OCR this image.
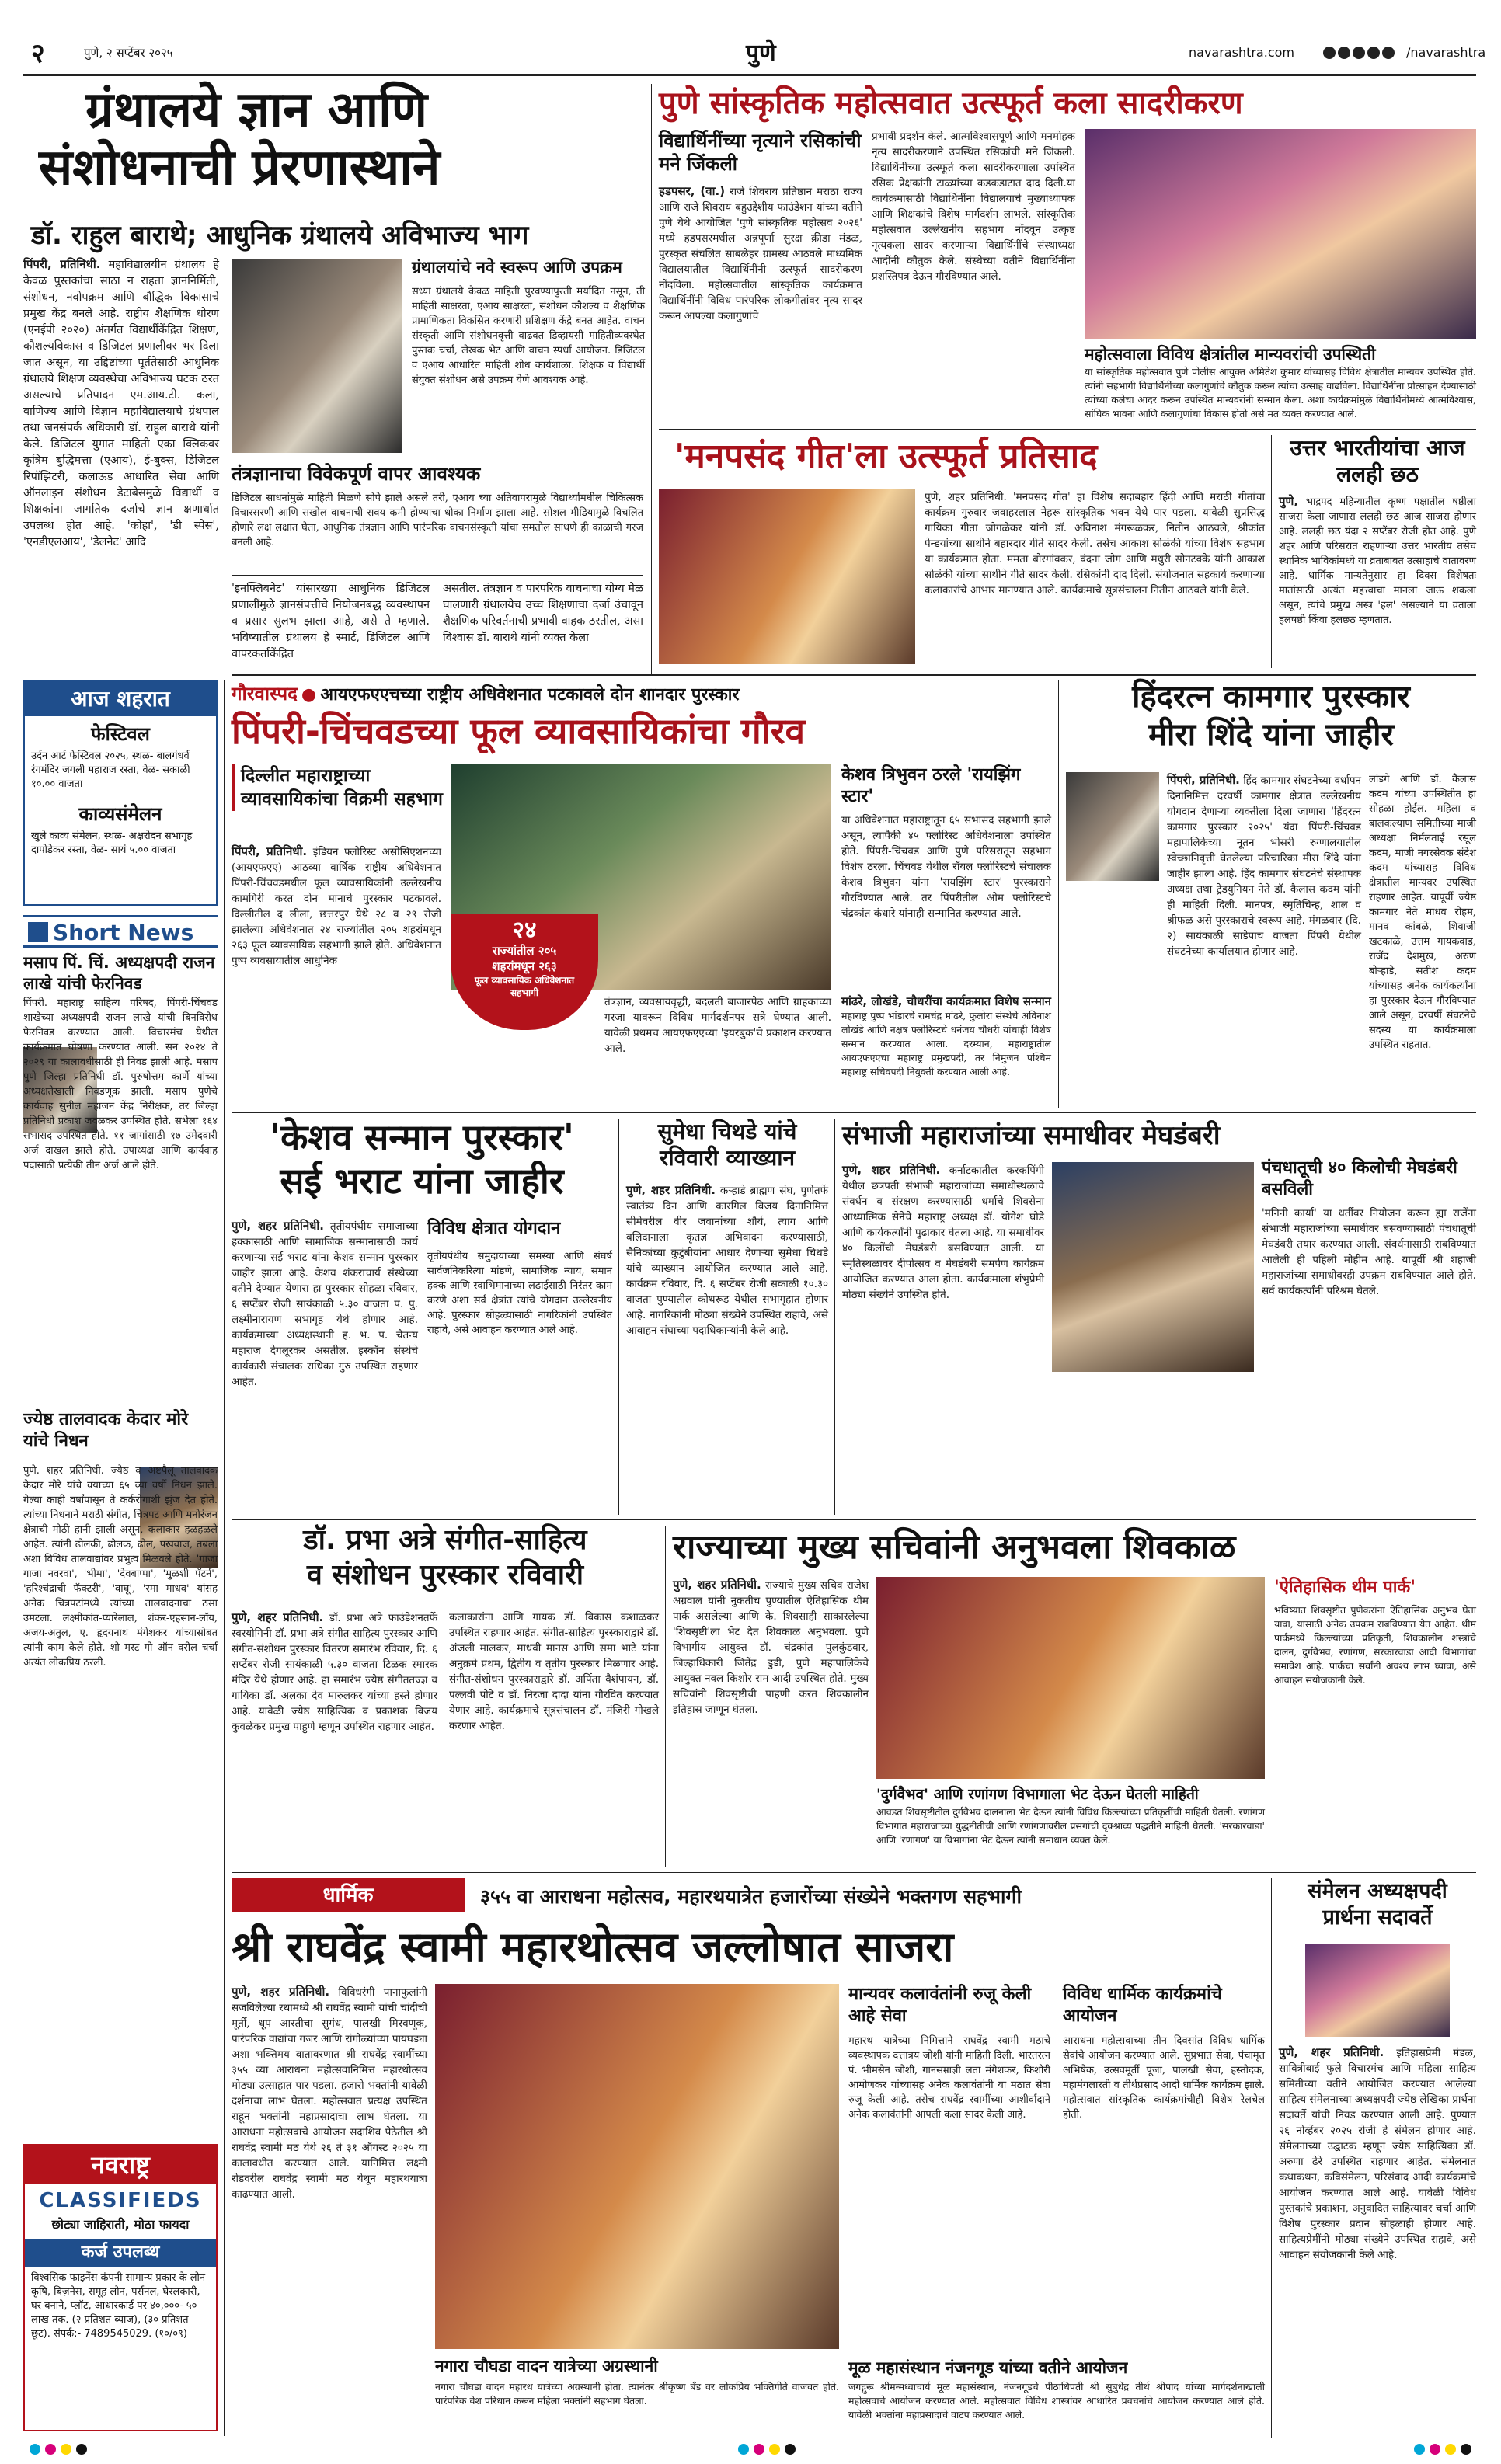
२	पुणे, २ सप्टेंबर २०२५	पुणे	navarashtra.com	/navarashtra
ग्रंथालये ज्ञान आणि
संशोधनाची प्रेरणास्थाने
डॉ. राहुल बाराथे; आधुनिक ग्रंथालये अविभाज्य भाग
पिंपरी, प्रतिनिधी. महाविद्यालयीन ग्रंथालय हे केवळ पुस्तकांचा साठा न राहता ज्ञाननिर्मिती, संशोधन, नवोपक्रम आणि बौद्धिक विकासाचे प्रमुख केंद्र बनले आहे. राष्ट्रीय शैक्षणिक धोरण (एनईपी २०२०) अंतर्गत विद्यार्थीकेंद्रित शिक्षण, कौशल्यविकास व डिजिटल प्रणालीवर भर दिला जात असून, या उद्दिष्टांच्या पूर्ततेसाठी आधुनिक ग्रंथालये शिक्षण व्यवस्थेचा अविभाज्य घटक ठरत असल्याचे प्रतिपादन एम.आय.टी. कला, वाणिज्य आणि विज्ञान महाविद्यालयाचे ग्रंथपाल तथा जनसंपर्क अधिकारी डॉ. राहुल बाराथे यांनी केले. डिजिटल युगात माहिती एका क्लिकवर कृत्रिम बुद्धिमत्ता (एआय), ई-बुक्स, डिजिटल रिपॉझिटरी, कलाऊड आधारित सेवा आणि ऑनलाइन संशोधन डेटाबेसमुळे विद्यार्थी व शिक्षकांना जागतिक दर्जाचे ज्ञान क्षणार्धात उपलब्ध होत आहे. 'कोहा', 'डी स्पेस', 'एनडीएलआय', 'डेलनेट' आदि
ग्रंथालयांचे नवे स्वरूप आणि उपक्रम
सध्या ग्रंथालये केवळ माहिती पुरवण्यापुरती मर्यादित नसून, ती माहिती साक्षरता, एआय साक्षरता, संशोधन कौशल्य व शैक्षणिक प्रामाणिकता विकसित करणारी प्रशिक्षण केंद्रे बनत आहेत. वाचन संस्कृती आणि संशोधनवृत्ती वाढवत डिव्हायसी माहितीव्यवस्थेत पुस्तक चर्चा, लेखक भेट आणि वाचन स्पर्धा आयोजन. डिजिटल व एआय आधारित माहिती शोध कार्यशाळा. शिक्षक व विद्यार्थी संयुक्त संशोधन असे उपक्रम येणे आवश्यक आहे.
तंत्रज्ञानाचा विवेकपूर्ण वापर आवश्यक
डिजिटल साधनांमुळे माहिती मिळणे सोपे झाले असले तरी, एआय च्या अतिवापरामुळे विद्यार्थ्यांमधील चिकित्सक विचारसरणी आणि सखोल वाचनाची सवय कमी होण्याचा धोका निर्माण झाला आहे. सोशल मीडियामुळे विचलित होणारे लक्ष लक्षात घेता, आधुनिक तंत्रज्ञान आणि पारंपरिक वाचनसंस्कृती यांचा समतोल साधणे ही काळाची गरज बनली आहे.
'इनफ्लिबनेट' यांसारख्या आधुनिक डिजिटल प्रणालींमुळे ज्ञानसंपत्तीचे नियोजनबद्ध व्यवस्थापन व प्रसार सुलभ झाला आहे, असे ते म्हणाले. भविष्यातील ग्रंथालय हे स्मार्ट, डिजिटल आणि वापरकर्ताकेंद्रित
असतील. तंत्रज्ञान व पारंपरिक वाचनाचा योग्य मेळ घालणारी ग्रंथालयेच उच्च शिक्षणाचा दर्जा उंचावून शैक्षणिक परिवर्तनाची प्रभावी वाहक ठरतील, असा विश्वास डॉ. बाराथे यांनी व्यक्त केला
आज शहरात
फेस्टिवल
उर्दन आर्ट फेस्टिवल २०२५, स्थळ- बालगंधर्व रंगमंदिर जगली महाराज रस्ता, वेळ- सकाळी १०.०० वाजता
काव्यसंमेलन
खुले काव्य संमेलन, स्थळ- अक्षरोदन सभागृह दापोडेकर रस्ता, वेळ- सायं ५.०० वाजता
Short News
मसाप पिं. चिं. अध्यक्षपदी राजन लाखे यांची फेरनिवड
पिंपरी. महाराष्ट्र साहित्य परिषद, पिंपरी-चिंचवड शाखेच्या अध्यक्षपदी राजन लाखे यांची बिनविरोध फेरनिवड करण्यात आली. विचारमंच येथील कार्यक्रमात घोषणा करण्यात आली. सन २०२४ ते २०२९ या कालावधीसाठी ही निवड झाली आहे. मसाप पुणे जिल्हा प्रतिनिधी डॉ. पुरुषोत्तम कार्णे यांच्या अध्यक्षतेखाली निवडणूक झाली. मसाप पुणेचे कार्यवाह सुनील महाजन केंद्र निरीक्षक, तर जिल्हा प्रतिनिधी प्रकाश जवळकर उपस्थित होते. सभेला १६४ सभासद उपस्थित होते. ११ जागांसाठी १७ उमेदवारी अर्ज दाखल झाले होते. उपाध्यक्ष आणि कार्यवाह पदासाठी प्रत्येकी तीन अर्ज आले होते.
ज्येष्ठ तालवादक केदार मोरे यांचे निधन
पुणे. शहर प्रतिनिधी. ज्येष्ठ व अष्टपैलू तालवादक केदार मोरे यांचे वयाच्या ६५ व्या वर्षी निधन झाले. गेल्या काही वर्षांपासून ते कर्करोगाशी झुंज देत होते. त्यांच्या निधनाने मराठी संगीत, चित्रपट आणि मनोरंजन क्षेत्राची मोठी हानी झाली असून, कलाकार हळहळले आहेत. त्यांनी ढोलकी, ढोलक, ढोल, पखवाज, तबला अशा विविध तालवाद्यांवर प्रभुत्व मिळवले होते. 'गाजा गाजा नवरवा', 'भीमा', 'देवबाप्पा', 'मुळशी पॅटर्न', 'हरिश्चंद्राची फॅक्टरी', 'वाघू', 'रमा माधव' यांसह अनेक चित्रपटांमध्ये त्यांच्या तालवादनाचा ठसा उमटला. लक्ष्मीकांत-प्यारेलाल, शंकर-एहसान-लॉय, अजय-अतुल, ए. हृदयनाथ मंगेशकर यांच्यासोबत त्यांनी काम केले होते. शो मस्ट गो ऑन वरील चर्चा अत्यंत लोकप्रिय ठरली.
नवराष्ट्र
CLASSIFIEDS
छोट्या जाहिराती, मोठा फायदा
कर्ज उपलब्ध
विश्वसिक फाइनेंस कंपनी सामान्य प्रकार के लोन कृषि, बिज़नेस, समूह लोन, पर्सनल, घेरलकारी, घर बनाने, प्लॉट, आधारकार्ड पर ४०,०००- ५० लाख तक. (२ प्रतिशत ब्याज), (३० प्रतिशत छूट). संपर्क:- 7489545029. (१०/०९)
पुणे सांस्कृतिक महोत्सवात उत्स्फूर्त कला सादरीकरण
विद्यार्थिनींच्या नृत्याने रसिकांची मने जिंकली
हडपसर, (वा.) राजे शिवराय प्रतिष्ठान मराठा राज्य आणि राजे शिवराय बहुउद्देशीय फाउंडेशन यांच्या वतीने पुणे येथे आयोजित 'पुणे सांस्कृतिक महोत्सव २०२६' मध्ये हडपसरमधील अन्नपूर्णा सुरक्ष क्रीडा मंडळ, पुरस्कृत संचलित साबळेहर ग्रामस्थ आठवले माध्यमिक विद्यालयातील विद्यार्थिनींनी उत्स्फूर्त सादरीकरण नोंदविला. महोत्सवातील सांस्कृतिक कार्यक्रमात विद्यार्थिनींनी विविध पारंपरिक लोकगीतांवर नृत्य सादर करून आपल्या कलागुणांचे
प्रभावी प्रदर्शन केले. आत्मविश्वासपूर्ण आणि मनमोहक नृत्य सादरीकरणाने उपस्थित रसिकांची मने जिंकली. विद्यार्थिनींच्या उत्स्फूर्त कला सादरीकरणाला उपस्थित रसिक प्रेक्षकांनी टाळ्यांच्या कडकडाटात दाद दिली.या कार्यक्रमासाठी विद्यार्थिनींना विद्यालयाचे मुख्याध्यापक आणि शिक्षकांचे विशेष मार्गदर्शन लाभले. सांस्कृतिक महोत्सवात उल्लेखनीय सहभाग नोंदवून उत्कृष्ट नृत्यकला सादर करणाऱ्या विद्यार्थिनींचे संस्थाध्यक्ष आदींनी कौतुक केले. संस्थेच्या वतीने विद्यार्थिनींना प्रशस्तिपत्र देऊन गौरविण्यात आले.
महोत्सवाला विविध क्षेत्रांतील मान्यवरांची उपस्थिती
या सांस्कृतिक महोत्सवात पुणे पोलीस आयुक्त अमितेश कुमार यांच्यासह विविध क्षेत्रातील मान्यवर उपस्थित होते. त्यांनी सहभागी विद्यार्थिनींच्या कलागुणांचे कौतुक करून त्यांचा उत्साह वाढविला. विद्यार्थिनींना प्रोत्साहन देण्यासाठी त्यांच्या कलेचा आदर करून उपस्थित मान्यवरांनी सन्मान केला. अशा कार्यक्रमांमुळे विद्यार्थिनींमध्ये आत्मविश्वास, सांघिक भावना आणि कलागुणांचा विकास होतो असे मत व्यक्त करण्यात आले.
'मनपसंद गीत'ला उत्स्फूर्त प्रतिसाद
पुणे, शहर प्रतिनिधी. 'मनपसंद गीत' हा विशेष सदाबहार हिंदी आणि मराठी गीतांचा कार्यक्रम गुरुवार जवाहरलाल नेहरू सांस्कृतिक भवन येथे पार पडला. यावेळी सुप्रसिद्ध गायिका गीता जोगळेकर यांनी डॉ. अविनाश मंगरूळकर, नितीन आठवले, श्रीकांत पेन्डयांच्या साथीने बहारदार गीते सादर केली. तसेच आकाश सोळंकी यांच्या विशेष सहभाग या कार्यक्रमात होता. ममता बोरगांवकर, वंदना जोग आणि मधुरी सोनटक्के यांनी आकाश सोळंकी यांच्या साथीने गीते सादर केली. रसिकांनी दाद दिली. संयोजनात सहकार्य करणाऱ्या कलाकारांचे आभार मानण्यात आले. कार्यक्रमाचे सूत्रसंचालन नितीन आठवले यांनी केले.
उत्तर भारतीयांचा आज ललही छठ
पुणे, भाद्रपद महिन्यातील कृष्ण पक्षातील षष्ठीला साजरा केला जाणारा ललही छठ आज साजरा होणार आहे. ललही छठ यंदा २ सप्टेंबर रोजी होत आहे. पुणे शहर आणि परिसरात राहणाऱ्या उत्तर भारतीय तसेच स्थानिक भाविकांमध्ये या व्रताबाबत उत्साहाचे वातावरण आहे. धार्मिक मान्यतेनुसार हा दिवस विशेषतः मातांसाठी अत्यंत महत्त्वाचा मानला जाऊ शकला असून, त्यांचे प्रमुख अस्त्र 'हल' असल्याने या व्रताला हलषष्ठी किंवा हलछठ म्हणतात.
गौरवास्पद ● आयएफएएचच्या राष्ट्रीय अधिवेशनात पटकावले दोन शानदार पुरस्कार
पिंपरी-चिंचवडच्या फूल व्यावसायिकांचा गौरव
दिल्लीत महाराष्ट्राच्या व्यावसायिकांचा विक्रमी सहभाग
पिंपरी, प्रतिनिधी. इंडियन फ्लोरिस्ट असोसिएशनच्या (आयएफएए) आठव्या वार्षिक राष्ट्रीय अधिवेशनात पिंपरी-चिंचवडमधील फूल व्यावसायिकांनी उल्लेखनीय कामगिरी करत दोन मानाचे पुरस्कार पटकावले. दिल्लीतील द लीला, छत्तरपुर येथे २८ व २९ रोजी झालेल्या अधिवेशनात २४ राज्यांतील २०५ शहरांमधून २६३ फूल व्यावसायिक सहभागी झाले होते. अधिवेशनात पुष्प व्यवसायातील आधुनिक
२४
राज्यांतील २०५
शहरांमधून २६३
फूल व्यावसायिक अधिवेशनात
सहभागी
तंत्रज्ञान, व्यवसायवृद्धी, बदलती बाजारपेठ आणि ग्राहकांच्या गरजा यावरून विविध मार्गदर्शनपर सत्रे घेण्यात आली. यावेळी प्रथमच आयएफएएच्या 'इयरबुक'चे प्रकाशन करण्यात आले.
केशव त्रिभुवन ठरले 'रायझिंग स्टार'
या अधिवेशनात महाराष्ट्रातून ६५ सभासद सहभागी झाले असून, त्यापैकी ४५ फ्लोरिस्ट अधिवेशनाला उपस्थित होते. पिंपरी-चिंचवड आणि पुणे परिसरातून सहभाग विशेष ठरला. चिंचवड येथील रॉयल फ्लोरिस्टचे संचालक केशव त्रिभुवन यांना 'रायझिंग स्टार' पुरस्काराने गौरविण्यात आले. तर पिंपरीतील ओम फ्लोरिस्टचे चंद्रकांत कंधारे यांनाही सन्मानित करण्यात आले.
मांढरे, लोखंडे, चौधरींचा कार्यक्रमात विशेष सन्मान महाराष्ट्र पुष्प भांडारचे रामचंद्र मांढरे, फुलोरा संस्थेचे अविनाश लोखंडे आणि नक्षत्र फ्लोरिस्टचे धनंजय चौधरी यांचाही विशेष सन्मान करण्यात आला. दरम्यान, महाराष्ट्रातील आयएफएएचा महाराष्ट्र प्रमुखपदी, तर निमुजन पश्चिम महाराष्ट्र सचिवपदी नियुक्ती करण्यात आली आहे.
हिंदरत्न कामगार पुरस्कार
मीरा शिंदे यांना जाहीर
पिंपरी, प्रतिनिधी. हिंद कामगार संघटनेच्या वर्धापन दिनानिमित्त दरवर्षी कामगार क्षेत्रात उल्लेखनीय योगदान देणाऱ्या व्यक्तीला दिला जाणारा 'हिंदरत्न कामगार पुरस्कार २०२५' यंदा पिंपरी-चिंचवड महापालिकेच्या नूतन भोसरी रुग्णालयातील स्वेच्छानिवृत्ती घेतलेल्या परिचारिका मीरा शिंदे यांना जाहीर झाला आहे. हिंद कामगार संघटनेचे संस्थापक अध्यक्ष तथा ट्रेडयुनियन नेते डॉ. कैलास कदम यांनी ही माहिती दिली. मानपत्र, स्मृतिचिन्ह, शाल व श्रीफळ असे पुरस्काराचे स्वरूप आहे. मंगळवार (दि. २) सायंकाळी साडेपाच वाजता पिंपरी येथील संघटनेच्या कार्यालयात होणार आहे.
लांडगे आणि डॉ. कैलास कदम यांच्या उपस्थितीत हा सोहळा होईल. महिला व बालकल्याण समितीच्या माजी अध्यक्षा निर्मलताई रसूल कदम, माजी नगरसेवक संदेश कदम यांच्यासह विविध क्षेत्रातील मान्यवर उपस्थित राहणार आहेत. यापूर्वी ज्येष्ठ कामगार नेते माधव रोहम, मानव कांबळे, शिवाजी खटकाळे, उत्तम गायकवाड, राजेंद्र देशमुख, अरुण बोऱ्हाडे, सतीश कदम यांच्यासह अनेक कार्यकर्त्यांना हा पुरस्कार देऊन गौरविण्यात आले असून, दरवर्षी संघटनेचे सदस्य या कार्यक्रमाला उपस्थित राहतात.
'केशव सन्मान पुरस्कार'
सई भराट यांना जाहीर
पुणे, शहर प्रतिनिधी. तृतीयपंथीय समाजाच्या हक्कासाठी आणि सामाजिक सन्मानासाठी कार्य करणाऱ्या सई भराट यांना केशव सन्मान पुरस्कार जाहीर झाला आहे. केशव शंकराचार्य संस्थेच्या वतीने देण्यात येणारा हा पुरस्कार सोहळा रविवार, ६ सप्टेंबर रोजी सायंकाळी ५.३० वाजता प. पु. लक्ष्मीनारायण सभागृह येथे होणार आहे. कार्यक्रमाच्या अध्यक्षस्थानी ह. भ. प. चैतन्य महाराज देगलूरकर असतील. इस्कॉन संस्थेचे कार्यकारी संचालक राधिका गुरु उपस्थित राहणार आहेत.
विविध क्षेत्रात योगदान
तृतीयपंथीय समुदायाच्या समस्या आणि संघर्ष सार्वजनिकरित्या मांडणे, सामाजिक न्याय, समान हक्क आणि स्वाभिमानाच्या लढाईसाठी निरंतर काम करणे अशा सर्व क्षेत्रांत त्यांचे योगदान उल्लेखनीय आहे. पुरस्कार सोहळ्यासाठी नागरिकांनी उपस्थित राहावे, असे आवाहन करण्यात आले आहे.
सुमेधा चिथडे यांचे
रविवारी व्याख्यान
पुणे, शहर प्रतिनिधी. कऱ्हाडे ब्राह्मण संघ, पुणेतर्फे स्वातंत्र्य दिन आणि कारगिल विजय दिनानिमित्त सीमेवरील वीर जवानांच्या शौर्य, त्याग आणि बलिदानाला कृतज्ञ अभिवादन करण्यासाठी, सैनिकांच्या कुटुंबीयांना आधार देणाऱ्या सुमेधा चिथडे यांचे व्याख्यान आयोजित करण्यात आले आहे. कार्यक्रम रविवार, दि. ६ सप्टेंबर रोजी सकाळी १०.३० वाजता पुण्यातील कोथरूड येथील सभागृहात होणार आहे. नागरिकांनी मोठ्या संख्येने उपस्थित राहावे, असे आवाहन संघाच्या पदाधिकाऱ्यांनी केले आहे.
संभाजी महाराजांच्या समाधीवर मेघडंबरी
पुणे, शहर प्रतिनिधी. कर्नाटकातील करकपिंगी येथील छत्रपती संभाजी महाराजांच्या समाधीस्थळाचे संवर्धन व संरक्षण करण्यासाठी धर्माचे शिवसेना आध्यात्मिक सेनेचे महाराष्ट्र अध्यक्ष डॉ. योगेश घोडे आणि कार्यकर्त्यांनी पुढाकार घेतला आहे. या समाधीवर ४० किलोंची मेघडंबरी बसविण्यात आली. या स्मृतिस्थळावर दीपोत्सव व मेघडंबरी समर्पण कार्यक्रम आयोजित करण्यात आला होता. कार्यक्रमाला शंभुप्रेमी मोठ्या संख्येने उपस्थित होते.
पंचधातूची ४० किलोची मेघडंबरी बसविली
'मनिनी कार्या' या धर्तीवर नियोजन करून ह्या राजेंना संभाजी महाराजांच्या समाधीवर बसवण्यासाठी पंचधातूची मेघडंबरी तयार करण्यात आली. संवर्धनासाठी राबविण्यात आलेली ही पहिली मोहीम आहे. यापूर्वी श्री शहाजी महाराजांच्या समाधीवरही उपक्रम राबविण्यात आले होते. सर्व कार्यकर्त्यांनी परिश्रम घेतले.
डॉ. प्रभा अत्रे संगीत-साहित्य
व संशोधन पुरस्कार रविवारी
पुणे, शहर प्रतिनिधी. डॉ. प्रभा अत्रे फाउंडेशनतर्फे स्वरयोगिनी डॉ. प्रभा अत्रे संगीत-साहित्य पुरस्कार आणि संगीत-संशोधन पुरस्कार वितरण समारंभ रविवार, दि. ६ सप्टेंबर रोजी सायंकाळी ५.३० वाजता टिळक स्मारक मंदिर येथे होणार आहे. हा समारंभ ज्येष्ठ संगीततज्ज्ञ व गायिका डॉ. अलका देव मारुलकर यांच्या हस्ते होणार आहे. यावेळी ज्येष्ठ साहित्यिक व प्रकाशक विजय कुवळेकर प्रमुख पाहुणे म्हणून उपस्थित राहणार आहेत.
कलाकारांना आणि गायक डॉ. विकास कशाळकर उपस्थित राहणार आहेत. संगीत-साहित्य पुरस्काराद्वारे डॉ. अंजली मालकर, माधवी मानस आणि समा भाटे यांना अनुक्रमे प्रथम, द्वितीय व तृतीय पुरस्कार मिळणार आहे. संगीत-संशोधन पुरस्काराद्वारे डॉ. अर्पिता वैशंपायन, डॉ. पल्लवी पोटे व डॉ. निरजा दादा यांना गौरवित करण्यात येणार आहे. कार्यक्रमाचे सूत्रसंचालन डॉ. मंजिरी गोखले करणार आहेत.
राज्याच्या मुख्य सचिवांनी अनुभवला शिवकाळ
पुणे, शहर प्रतिनिधी. राज्याचे मुख्य सचिव राजेश अग्रवाल यांनी नुकतीच पुण्यातील ऐतिहासिक थीम पार्क असलेल्या आणि के. शिवसाही साकारलेल्या 'शिवसृष्टी'ला भेट देत शिवकाळ अनुभवला. पुणे विभागीय आयुक्त डॉ. चंद्रकांत पुलकुंडवार, जिल्हाधिकारी जितेंद्र डुडी, पुणे महापालिकेचे आयुक्त नवल किशोर राम आदी उपस्थित होते. मुख्य सचिवांनी शिवसृष्टीची पाहणी करत शिवकालीन इतिहास जाणून घेतला.
'दुर्गवैभव' आणि रणांगण विभागाला भेट देऊन घेतली माहिती
आवडत शिवसृष्टीतील दुर्गवैभव दालनाला भेट देऊन त्यांनी विविध किल्ल्यांच्या प्रतिकृतींची माहिती घेतली. रणांगण विभागात महाराजांच्या युद्धनीतीची आणि रणांगणावरील प्रसंगांची दृक्श्राव्य पद्धतीने माहिती घेतली. 'सरकारवाडा' आणि 'रणांगण' या विभागांना भेट देऊन त्यांनी समाधान व्यक्त केले.
'ऐतिहासिक थीम पार्क'
भविष्यात शिवसृष्टीत पुणेकरांना ऐतिहासिक अनुभव घेता यावा, यासाठी अनेक उपक्रम राबविण्यात येत आहेत. थीम पार्कमध्ये किल्ल्यांच्या प्रतिकृती, शिवकालीन शस्त्रांचे दालन, दुर्गवैभव, रणांगण, सरकारवाडा आदी विभागांचा समावेश आहे. पार्कचा सर्वांनी अवश्य लाभ घ्यावा, असे आवाहन संयोजकांनी केले.
धार्मिक	३५५ वा आराधना महोत्सव, महारथयात्रेत हजारोंच्या संख्येने भक्तगण सहभागी
श्री राघवेंद्र स्वामी महारथोत्सव जल्लोषात साजरा
पुणे, शहर प्रतिनिधी. विविधरंगी पानाफुलांनी सजविलेल्या रथामध्ये श्री राघवेंद्र स्वामी यांची चांदीची मूर्ती, धूप आरतीचा सुगंध, पालखी मिरवणूक, पारंपरिक वाद्यांचा गजर आणि रांगोळ्यांच्या पायघड्या अशा भक्तिमय वातावरणात श्री राघवेंद्र स्वामींच्या ३५५ व्या आराधना महोत्सवानिमित्त महारथोत्सव मोठ्या उत्साहात पार पडला. हजारो भक्तांनी यावेळी दर्शनाचा लाभ घेतला. महोत्सवात प्रत्यक्ष उपस्थित राहून भक्तांनी महाप्रसादाचा लाभ घेतला. या आराधना महोत्सवाचे आयोजन सदाशिव पेठेतील श्री राघवेंद्र स्वामी मठ येथे २६ ते ३१ ऑगस्ट २०२५ या कालावधीत करण्यात आले. यानिमित्त लक्ष्मी रोडवरील राघवेंद्र स्वामी मठ येथून महारथयात्रा काढण्यात आली.
नगारा चौघडा वादन यात्रेच्या अग्रस्थानी
नगारा चौघडा वादन महारथ यात्रेच्या अग्रस्थानी होता. त्यानंतर श्रीकृष्ण बँड वर लोकप्रिय भक्तिगीते वाजवत होते. पारंपरिक वेश परिधान करून महिला भक्तांनी सहभाग घेतला.
मान्यवर कलावंतांनी रुजू केली आहे सेवा
महारथ यात्रेच्या निमित्ताने राघवेंद्र स्वामी मठाचे व्यवस्थापक दत्तात्रय जोशी यांनी माहिती दिली. भारतरत्न पं. भीमसेन जोशी, गानसम्राज्ञी लता मंगेशकर, किशोरी आमोणकर यांच्यासह अनेक कलावंतांनी या मठात सेवा रुजू केली आहे. तसेच राघवेंद्र स्वामींच्या आशीर्वादाने अनेक कलावंतांनी आपली कला सादर केली आहे.
विविध धार्मिक कार्यक्रमांचे आयोजन
आराधना महोत्सवाच्या तीन दिवसांत विविध धार्मिक सेवांचे आयोजन करण्यात आले. सुप्रभात सेवा, पंचामृत अभिषेक, उत्सवमूर्ती पूजा, पालखी सेवा, हस्तोदक, महामंगलारती व तीर्थप्रसाद आदी धार्मिक कार्यक्रम झाले. महोत्सवात सांस्कृतिक कार्यक्रमांचीही विशेष रेलचेल होती.
मूळ महासंस्थान नंजनगूड यांच्या वतीने आयोजन
जगद्गुरू श्रीमन्मध्वाचार्य मूळ महासंस्थान, नंजनगूडचे पीठाधिपती श्री सुबुधेंद्र तीर्थ श्रीपाद यांच्या मार्गदर्शनाखाली महोत्सवाचे आयोजन करण्यात आले. महोत्सवात विविध शास्त्रांवर आधारित प्रवचनांचे आयोजन करण्यात आले होते. यावेळी भक्तांना महाप्रसादाचे वाटप करण्यात आले.
संमेलन अध्यक्षपदी
प्रार्थना सदावर्ते
पुणे, शहर प्रतिनिधी. इतिहासप्रेमी मंडळ, सावित्रीबाई फुले विचारमंच आणि महिला साहित्य समितीच्या वतीने आयोजित करण्यात आलेल्या साहित्य संमेलनाच्या अध्यक्षपदी ज्येष्ठ लेखिका प्रार्थना सदावर्ते यांची निवड करण्यात आली आहे. पुण्यात २६ नोव्हेंबर २०२५ रोजी हे संमेलन होणार आहे. संमेलनाच्या उद्घाटक म्हणून ज्येष्ठ साहित्यिका डॉ. अरुणा ढेरे उपस्थित राहणार आहेत. संमेलनात कथाकथन, कविसंमेलन, परिसंवाद आदी कार्यक्रमांचे आयोजन करण्यात आले आहे. यावेळी विविध पुस्तकांचे प्रकाशन, अनुवादित साहित्यावर चर्चा आणि विशेष पुरस्कार प्रदान सोहळाही होणार आहे. साहित्यप्रेमींनी मोठ्या संख्येने उपस्थित राहावे, असे आवाहन संयोजकांनी केले आहे.
